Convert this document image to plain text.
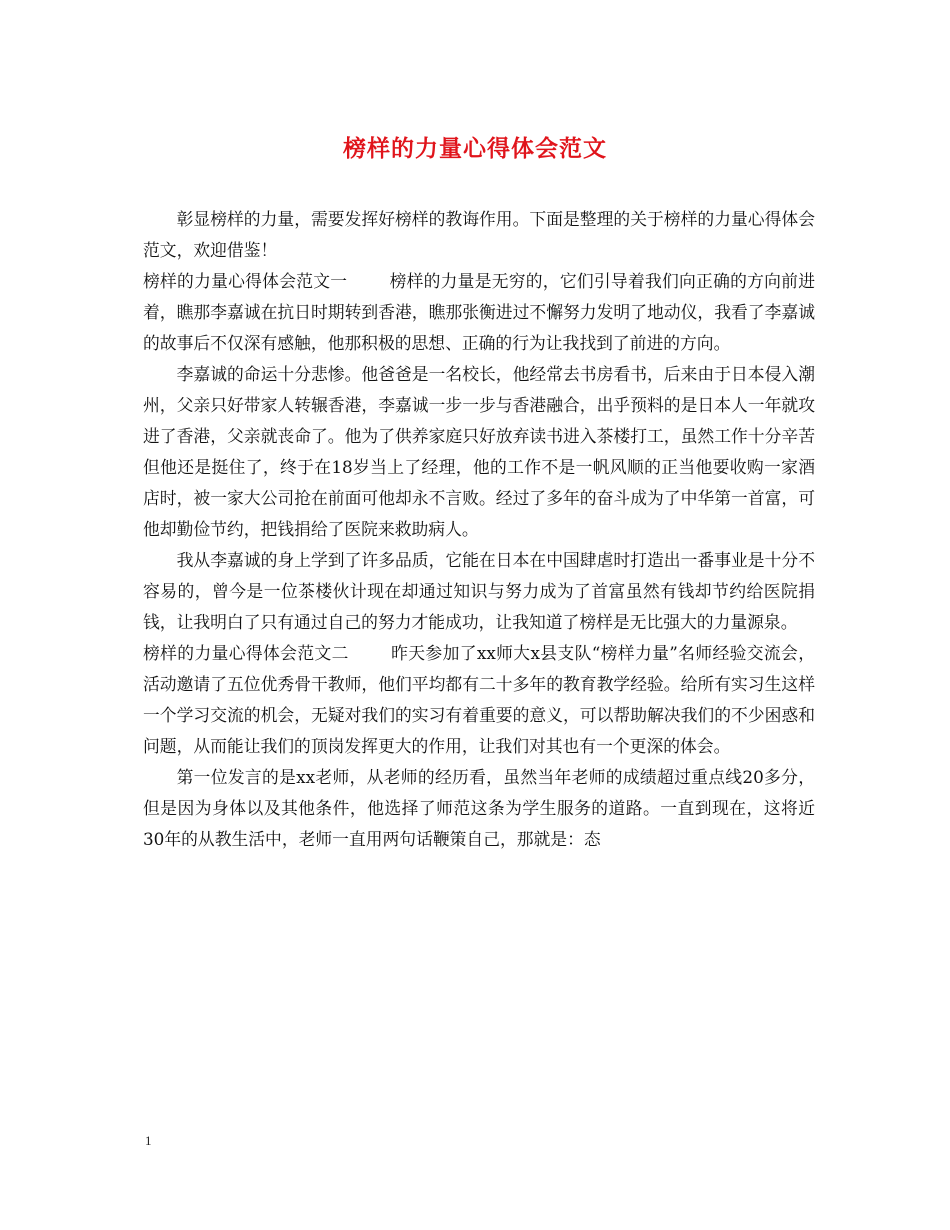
榜样的力量心得体会范文

彰显榜样的力量，需要发挥好榜样的教诲作用。下面是整理的关于榜样的力量心得体会范文，欢迎借鉴！

榜样的力量心得体会范文一	榜样的力量是无穷的，它们引导着我们向正确的方向前进着，瞧那李嘉诚在抗日时期转到香港，瞧那张衡进过不懈努力发明了地动仪，我看了李嘉诚的故事后不仅深有感触，他那积极的思想、正确的行为让我找到了前进的方向。

李嘉诚的命运十分悲惨。他爸爸是一名校长，他经常去书房看书，后来由于日本侵入潮州，父亲只好带家人转辗香港，李嘉诚一步一步与香港融合，出乎预料的是日本人一年就攻进了香港，父亲就丧命了。他为了供养家庭只好放弃读书进入茶楼打工，虽然工作十分辛苦但他还是挺住了，终于在18岁当上了经理，他的工作不是一帆风顺的正当他要收购一家酒店时，被一家大公司抢在前面可他却永不言败。经过了多年的奋斗成为了中华第一首富，可他却勤俭节约，把钱捐给了医院来救助病人。

我从李嘉诚的身上学到了许多品质，它能在日本在中国肆虐时打造出一番事业是十分不容易的，曾今是一位茶楼伙计现在却通过知识与努力成为了首富虽然有钱却节约给医院捐钱，让我明白了只有通过自己的努力才能成功，让我知道了榜样是无比强大的力量源泉。

榜样的力量心得体会范文二	昨天参加了xx师大x县支队“榜样力量”名师经验交流会，活动邀请了五位优秀骨干教师，他们平均都有二十多年的教育教学经验。给所有实习生这样一个学习交流的机会，无疑对我们的实习有着重要的意义，可以帮助解决我们的不少困惑和问题，从而能让我们的顶岗发挥更大的作用，让我们对其也有一个更深的体会。

第一位发言的是xx老师，从老师的经历看，虽然当年老师的成绩超过重点线20多分，但是因为身体以及其他条件，他选择了师范这条为学生服务的道路。一直到现在，这将近30年的从教生活中，老师一直用两句话鞭策自己，那就是：态

1
